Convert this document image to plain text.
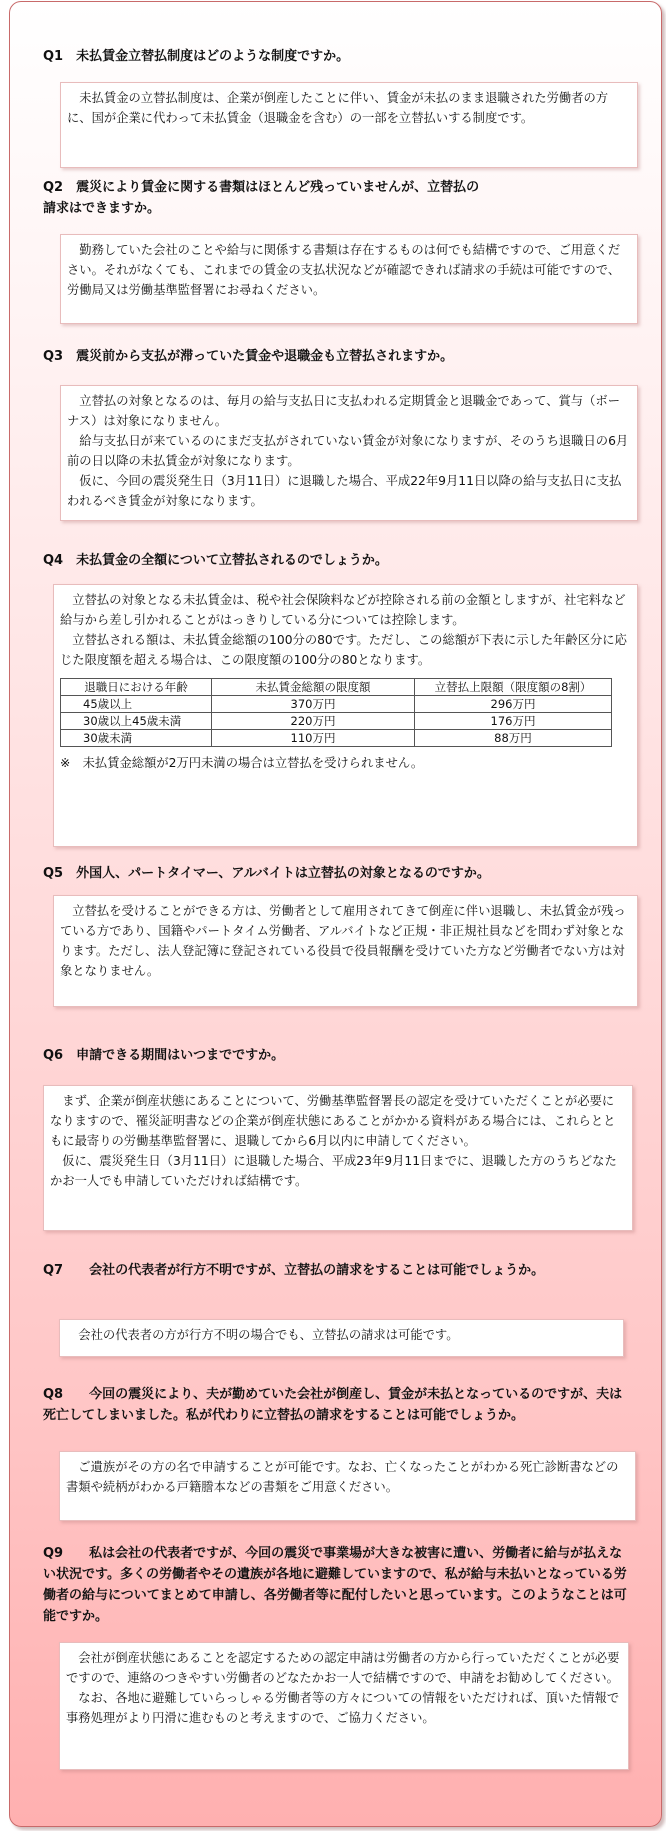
Q1　未払賃金立替払制度はどのような制度ですか。

　未払賃金の立替払制度は、企業が倒産したことに伴い、賃金が未払のまま退職された労働者の方に、国が企業に代わって未払賃金（退職金を含む）の一部を立替払いする制度です。

Q2　震災により賃金に関する書類はほとんど残っていませんが、立替払の
請求はできますか。

　勤務していた会社のことや給与に関係する書類は存在するものは何でも結構ですので、ご用意ください。それがなくても、これまでの賃金の支払状況などが確認できれば請求の手続は可能ですので、労働局又は労働基準監督署にお尋ねください。

Q3　震災前から支払が滞っていた賃金や退職金も立替払されますか。

　立替払の対象となるのは、毎月の給与支払日に支払われる定期賃金と退職金であって、賞与（ボーナス）は対象になりません。

　給与支払日が来ているのにまだ支払がされていない賃金が対象になりますが、そのうち退職日の6月前の日以降の未払賃金が対象になります。

　仮に、今回の震災発生日（3月11日）に退職した場合、平成22年9月11日以降の給与支払日に支払われるべき賃金が対象になります。

Q4　未払賃金の全額について立替払されるのでしょうか。

　立替払の対象となる未払賃金は、税や社会保険料などが控除される前の金額としますが、社宅料など給与から差し引かれることがはっきりしている分については控除します。

　立替払される額は、未払賃金総額の100分の80です。ただし、この総額が下表に示した年齢区分に応じた限度額を超える場合は、この限度額の100分の80となります。

退職日における年齢	未払賃金総額の限度額	立替払上限額（限度額の8割）
45歳以上	370万円	296万円
30歳以上45歳未満	220万円	176万円
30歳未満	110万円	88万円

※　未払賃金総額が2万円未満の場合は立替払を受けられません。

Q5　外国人、パートタイマー、アルバイトは立替払の対象となるのですか。

　立替払を受けることができる方は、労働者として雇用されてきて倒産に伴い退職し、未払賃金が残っている方であり、国籍やパートタイム労働者、アルバイトなど正規・非正規社員などを問わず対象となります。ただし、法人登記簿に登記されている役員で役員報酬を受けていた方など労働者でない方は対象となりません。

Q6　申請できる期間はいつまでですか。

　まず、企業が倒産状態にあることについて、労働基準監督署長の認定を受けていただくことが必要になりますので、罹災証明書などの企業が倒産状態にあることがかかる資料がある場合には、これらとともに最寄りの労働基準監督署に、退職してから6月以内に申請してください。

　仮に、震災発生日（3月11日）に退職した場合、平成23年9月11日までに、退職した方のうちどなたかお一人でも申請していただければ結構です。

Q7　　会社の代表者が行方不明ですが、立替払の請求をすることは可能でしょうか。

　会社の代表者の方が行方不明の場合でも、立替払の請求は可能です。

Q8　　今回の震災により、夫が勤めていた会社が倒産し、賃金が未払となっているのですが、夫は死亡してしまいました。私が代わりに立替払の請求をすることは可能でしょうか。

　ご遺族がその方の名で申請することが可能です。なお、亡くなったことがわかる死亡診断書などの書類や続柄がわかる戸籍謄本などの書類をご用意ください。

Q9　　私は会社の代表者ですが、今回の震災で事業場が大きな被害に遭い、労働者に給与が払えない状況です。多くの労働者やその遺族が各地に避難していますので、私が給与未払いとなっている労働者の給与についてまとめて申請し、各労働者等に配付したいと思っています。このようなことは可能ですか。

　会社が倒産状態にあることを認定するための認定申請は労働者の方から行っていただくことが必要ですので、連絡のつきやすい労働者のどなたかお一人で結構ですので、申請をお勧めしてください。

　なお、各地に避難していらっしゃる労働者等の方々についての情報をいただければ、頂いた情報で事務処理がより円滑に進むものと考えますので、ご協力ください。
